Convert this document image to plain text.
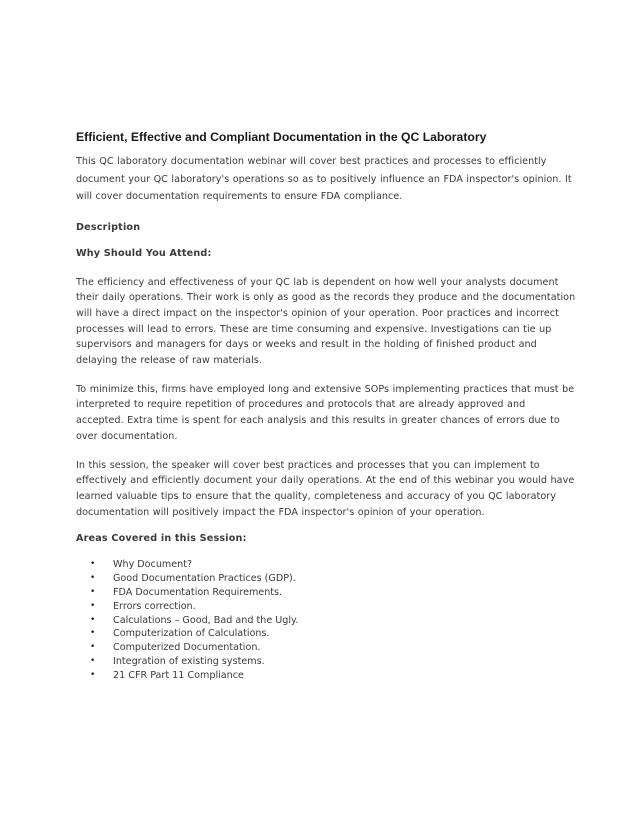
Efficient, Effective and Compliant Documentation in the QC Laboratory

This QC laboratory documentation webinar will cover best practices and processes to efficiently document your QC laboratory's operations so as to positively influence an FDA inspector's opinion. It will cover documentation requirements to ensure FDA compliance.

Description

Why Should You Attend:

The efficiency and effectiveness of your QC lab is dependent on how well your analysts document their daily operations. Their work is only as good as the records they produce and the documentation will have a direct impact on the inspector's opinion of your operation. Poor practices and incorrect processes will lead to errors. These are time consuming and expensive. Investigations can tie up supervisors and managers for days or weeks and result in the holding of finished product and delaying the release of raw materials.

To minimize this, firms have employed long and extensive SOPs implementing practices that must be interpreted to require repetition of procedures and protocols that are already approved and accepted. Extra time is spent for each analysis and this results in greater chances of errors due to over documentation.

In this session, the speaker will cover best practices and processes that you can implement to effectively and efficiently document your daily operations. At the end of this webinar you would have learned valuable tips to ensure that the quality, completeness and accuracy of you QC laboratory documentation will positively impact the FDA inspector's opinion of your operation.

Areas Covered in this Session:

• Why Document?
• Good Documentation Practices (GDP).
• FDA Documentation Requirements.
• Errors correction.
• Calculations – Good, Bad and the Ugly.
• Computerization of Calculations.
• Computerized Documentation.
• Integration of existing systems.
• 21 CFR Part 11 Compliance
